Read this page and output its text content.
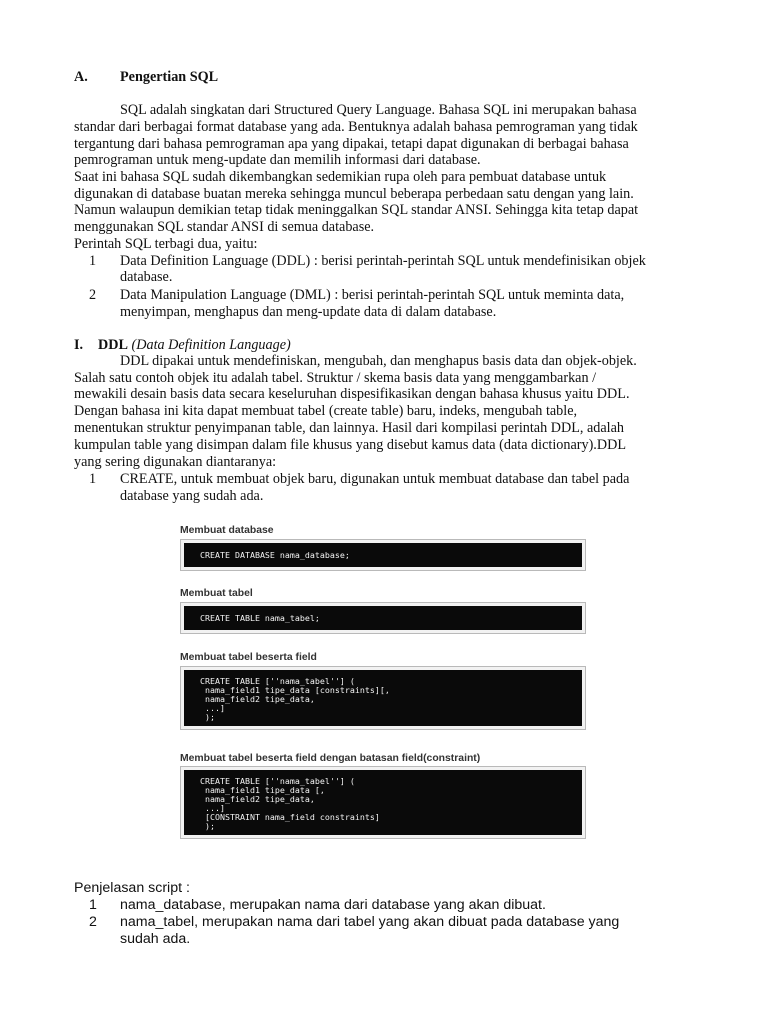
A. Pengertian SQL
SQL adalah singkatan dari Structured Query Language. Bahasa SQL ini merupakan bahasa
standar dari berbagai format database yang ada. Bentuknya adalah bahasa pemrograman yang tidak
tergantung dari bahasa pemrograman apa yang dipakai, tetapi dapat digunakan di berbagai bahasa
pemrograman untuk meng-update dan memilih informasi dari database.
Saat ini bahasa SQL sudah dikembangkan sedemikian rupa oleh para pembuat database untuk
digunakan di database buatan mereka sehingga muncul beberapa perbedaan satu dengan yang lain.
Namun walaupun demikian tetap tidak meninggalkan SQL standar ANSI. Sehingga kita tetap dapat
menggunakan SQL standar ANSI di semua database.
Perintah SQL terbagi dua, yaitu:
1 Data Definition Language (DDL) : berisi perintah-perintah SQL untuk mendefinisikan objek
database.
2 Data Manipulation Language (DML) : berisi perintah-perintah SQL untuk meminta data,
menyimpan, menghapus dan meng-update data di dalam database.
I. DDL (Data Definition Language)
DDL dipakai untuk mendefiniskan, mengubah, dan menghapus basis data dan objek-objek.
Salah satu contoh objek itu adalah tabel. Struktur / skema basis data yang menggambarkan /
mewakili desain basis data secara keseluruhan dispesifikasikan dengan bahasa khusus yaitu DDL.
Dengan bahasa ini kita dapat membuat tabel (create table) baru, indeks, mengubah table,
menentukan struktur penyimpanan table, dan lainnya. Hasil dari kompilasi perintah DDL, adalah
kumpulan table yang disimpan dalam file khusus yang disebut kamus data (data dictionary).DDL
yang sering digunakan diantaranya:
1 CREATE, untuk membuat objek baru, digunakan untuk membuat database dan tabel pada
database yang sudah ada.
Membuat database
CREATE DATABASE nama_database;
Membuat tabel
CREATE TABLE nama_tabel;
Membuat tabel beserta field
CREATE TABLE [''nama_tabel''] (
nama_field1 tipe_data [constraints][,
nama_field2 tipe_data,
...]
);
Membuat tabel beserta field dengan batasan field(constraint)
CREATE TABLE [''nama_tabel''] (
nama_field1 tipe_data [,
nama_field2 tipe_data,
...]
[CONSTRAINT nama_field constraints]
);
Penjelasan script :
1 nama_database, merupakan nama dari database yang akan dibuat.
2 nama_tabel, merupakan nama dari tabel yang akan dibuat pada database yang
sudah ada.
